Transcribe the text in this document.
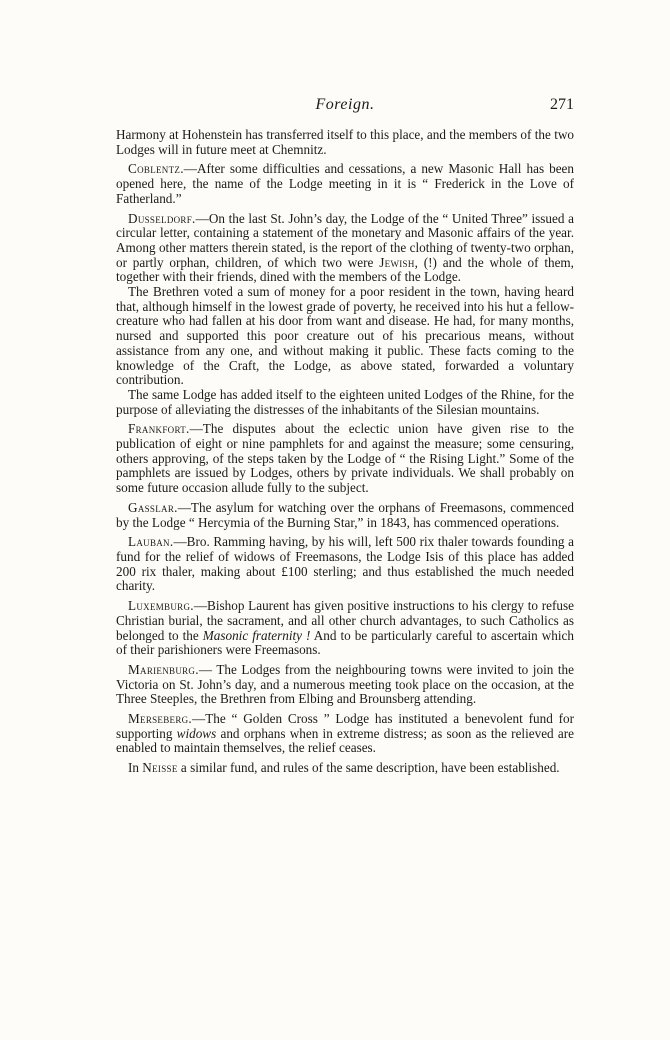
Foreign.	271

Harmony at Hohenstein has transferred itself to this place, and the members of the two Lodges will in future meet at Chemnitz.

Coblentz.—After some difficulties and cessations, a new Masonic Hall has been opened here, the name of the Lodge meeting in it is “ Frederick in the Love of Fatherland.”

Dusseldorf.—On the last St. John’s day, the Lodge of the “ United Three” issued a circular letter, containing a statement of the monetary and Masonic affairs of the year. Among other matters therein stated, is the report of the clothing of twenty-two orphan, or partly orphan, children, of which two were Jewish, (!) and the whole of them, together with their friends, dined with the members of the Lodge.

The Brethren voted a sum of money for a poor resident in the town, having heard that, although himself in the lowest grade of poverty, he received into his hut a fellow-creature who had fallen at his door from want and disease. He had, for many months, nursed and supported this poor creature out of his precarious means, without assistance from any one, and without making it public. These facts coming to the knowledge of the Craft, the Lodge, as above stated, forwarded a voluntary contribution.

The same Lodge has added itself to the eighteen united Lodges of the Rhine, for the purpose of alleviating the distresses of the inhabitants of the Silesian mountains.

Frankfort.—The disputes about the eclectic union have given rise to the publication of eight or nine pamphlets for and against the measure; some censuring, others approving, of the steps taken by the Lodge of “ the Rising Light.” Some of the pamphlets are issued by Lodges, others by private individuals. We shall probably on some future occasion allude fully to the subject.

Gasslar.—The asylum for watching over the orphans of Freemasons, commenced by the Lodge “ Hercymia of the Burning Star,” in 1843, has commenced operations.

Lauban.—Bro. Ramming having, by his will, left 500 rix thaler towards founding a fund for the relief of widows of Freemasons, the Lodge Isis of this place has added 200 rix thaler, making about £100 sterling; and thus established the much needed charity.

Luxemburg.—Bishop Laurent has given positive instructions to his clergy to refuse Christian burial, the sacrament, and all other church advantages, to such Catholics as belonged to the Masonic fraternity ! And to be particularly careful to ascertain which of their parishioners were Freemasons.

Marienburg.— The Lodges from the neighbouring towns were invited to join the Victoria on St. John’s day, and a numerous meeting took place on the occasion, at the Three Steeples, the Brethren from Elbing and Brounsberg attending.

Merseberg.—The “ Golden Cross ” Lodge has instituted a benevolent fund for supporting widows and orphans when in extreme distress; as soon as the relieved are enabled to maintain themselves, the relief ceases.

In Neisse a similar fund, and rules of the same description, have been established.
